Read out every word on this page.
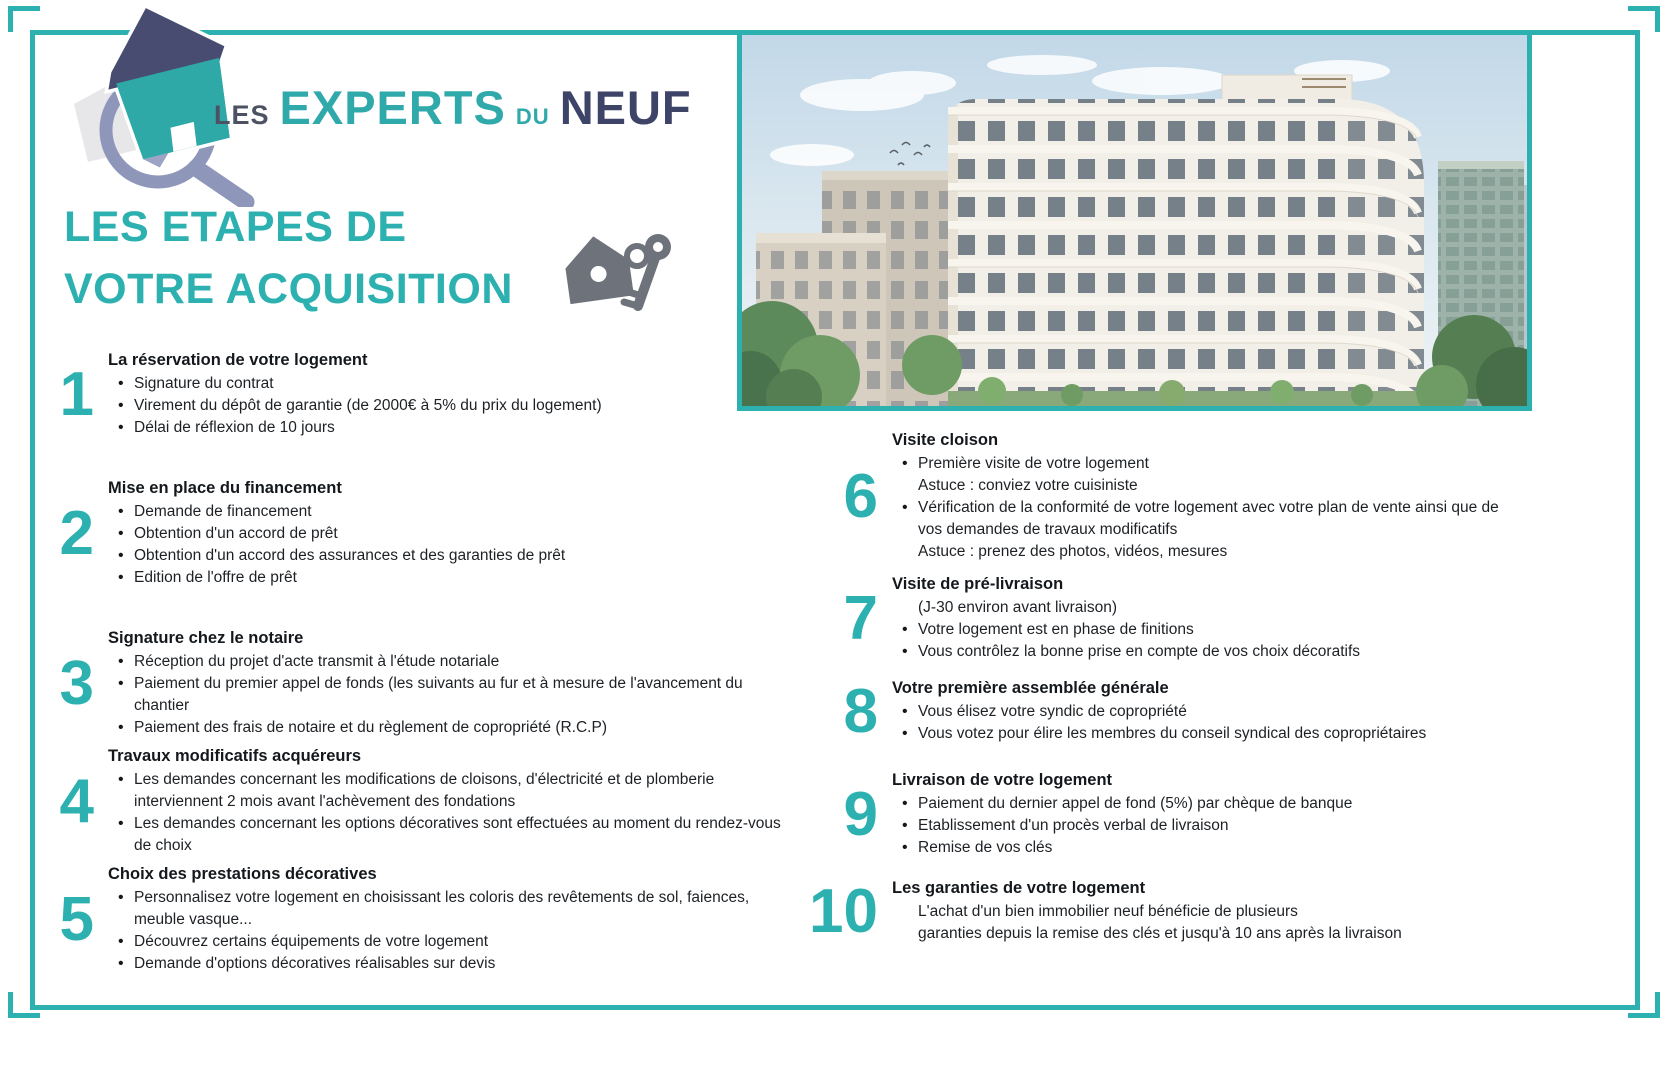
LES EXPERTS DU NEUF
LES ETAPES DE
VOTRE ACQUISITION
1 La réservation de votre logement
• Signature du contrat
• Virement du dépôt de garantie (de 2000€ à 5% du prix du logement)
• Délai de réflexion de 10 jours
2
Mise en place du financement
• Demande de financement
• Obtention d'un accord de prêt
• Obtention d'un accord des assurances et des garanties de prêt
• Edition de l'offre de prêt
3
Signature chez le notaire
• Réception du projet d'acte transmit à l'étude notariale
• Paiement du premier appel de fonds (les suivants au fur et à mesure de l'avancement du chantier
• Paiement des frais de notaire et du règlement de copropriété (R.C.P)
4
Travaux modificatifs acquéreurs
• Les demandes concernant les modifications de cloisons, d'électricité et de plomberie interviennent 2 mois avant l'achèvement des fondations
• Les demandes concernant les options décoratives sont effectuées au moment du rendez-vous de choix
5
Choix des prestations décoratives
• Personnalisez votre logement en choisissant les coloris des revêtements de sol, faiences, meuble vasque...
• Découvrez certains équipements de votre logement
• Demande d'options décoratives réalisables sur devis
6
Visite cloison
• Première visite de votre logement
Astuce : conviez votre cuisiniste
• Vérification de la conformité de votre logement avec votre plan de vente ainsi que de vos demandes de travaux modificatifs
Astuce : prenez des photos, vidéos, mesures
7 Visite de pré-livraison
(J-30 environ avant livraison)
• Votre logement est en phase de finitions
• Vous contrôlez la bonne prise en compte de vos choix décoratifs
8 Votre première assemblée générale
• Vous élisez votre syndic de copropriété
• Vous votez pour élire les membres du conseil syndical des copropriétaires
9 Livraison de votre logement
• Paiement du dernier appel de fond (5%) par chèque de banque
• Etablissement d'un procès verbal de livraison
• Remise de vos clés
10 Les garanties de votre logement
L'achat d'un bien immobilier neuf bénéficie de plusieurs
garanties depuis la remise des clés et jusqu'à 10 ans après la livraison
